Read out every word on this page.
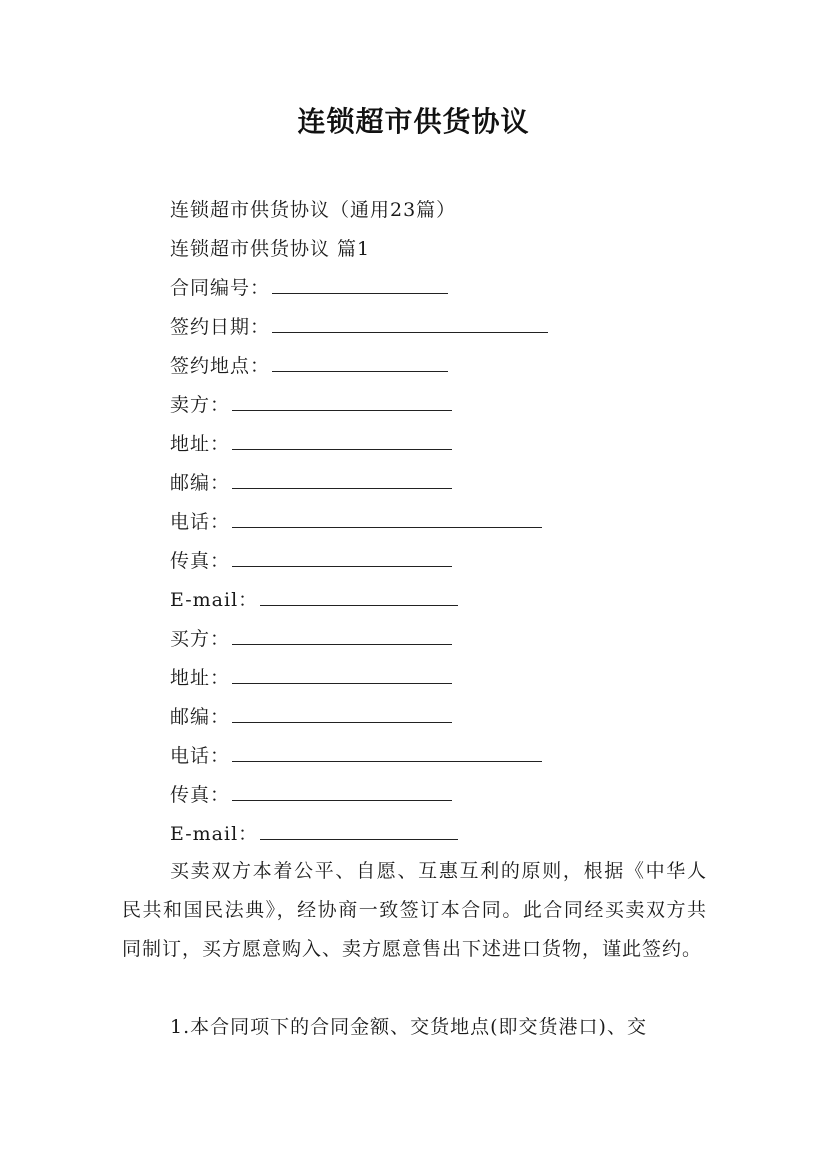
连锁超市供货协议
连锁超市供货协议（通用23篇）
连锁超市供货协议 篇1
合同编号：
签约日期：
签约地点：
卖方：
地址：
邮编：
电话：
传真：
E-mail：
买方：
地址：
邮编：
电话：
传真：
E-mail：
买卖双方本着公平、自愿、互惠互利的原则，根据《中华人民共和国民法典》，经协商一致签订本合同。此合同经买卖双方共同制订，买方愿意购入、卖方愿意售出下述进口货物，谨此签约。
1.本合同项下的合同金额、交货地点(即交货港口)、交
